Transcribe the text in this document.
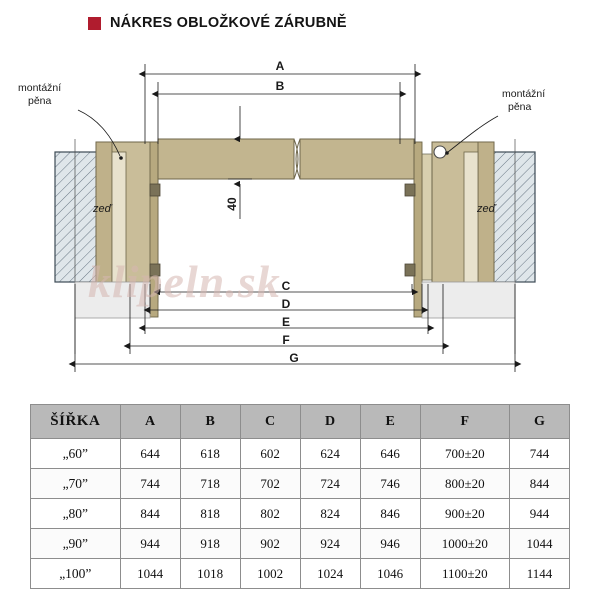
NÁKRES OBLOŽKOVÉ ZÁRUBNĚ
A
B
40
C
D
E
F
G
zeď	zeď
montážní
pěna
montážní
pěna
klipeln.sk
ŠÍŘKA	A	B	C	D	E	F	G
„60”	644	618	602	624	646	700±20	744
„70”	744	718	702	724	746	800±20	844
„80”	844	818	802	824	846	900±20	944
„90”	944	918	902	924	946	1000±20	1044
„100”	1044	1018	1002	1024	1046	1100±20	1144
